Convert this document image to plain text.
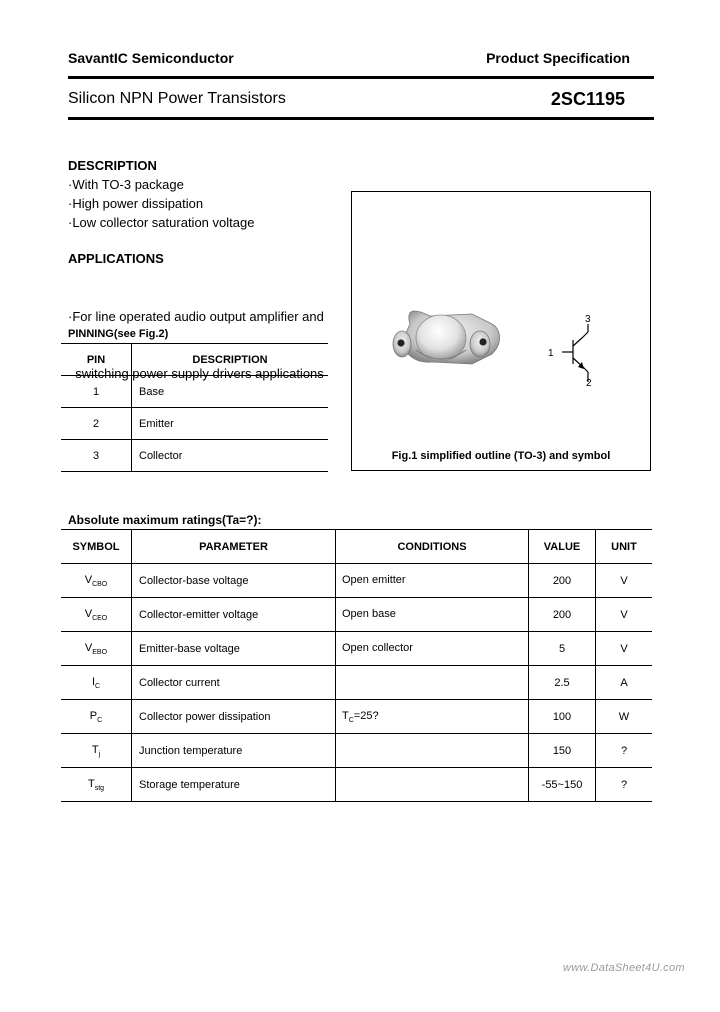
SavantIC Semiconductor	Product Specification
Silicon NPN Power Transistors	2SC1195
DESCRIPTION
·With TO-3 package
·High power dissipation
·Low collector saturation voltage
APPLICATIONS

·For line operated audio output amplifier and

switching power supply drivers applications

PINNING(see Fig.2)
PIN	DESCRIPTION
1	Base
2	Emitter
3	Collector
1
2
3
Fig.1 simplified outline (TO-3) and symbol
Absolute maximum ratings(Ta=?):
SYMBOL	PARAMETER	CONDITIONS	VALUE	UNIT
$V_{CBO}$	Collector-base voltage	Open emitter	200	V
$V_{CEO}$	Collector-emitter voltage	Open base	200	V
$V_{EBO}$	Emitter-base voltage	Open collector	5	V
$I_C$	Collector current		2.5	A
$P_C$	Collector power dissipation	$T_C=25$?	100	W
$T_j$	Junction temperature		150	?
$T_{stg}$	Storage temperature		-55~150	?
www.DataSheet4U.com
